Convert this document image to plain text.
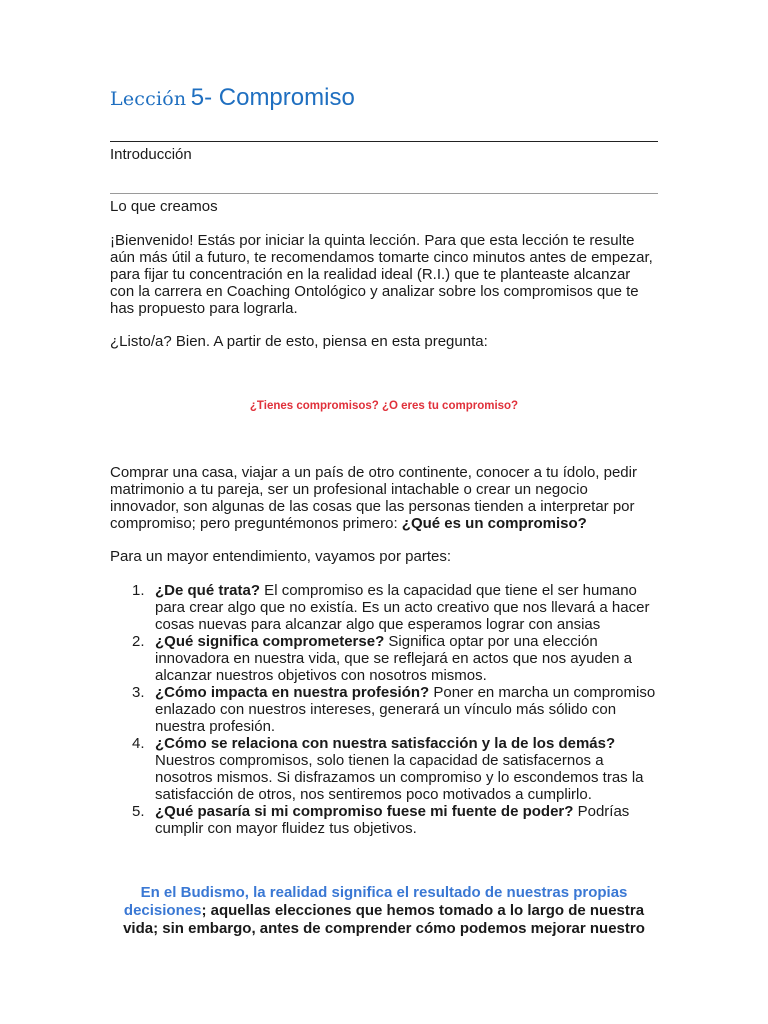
Lección 5- Compromiso
Introducción

Lo que creamos

¡Bienvenido! Estás por iniciar la quinta lección. Para que esta lección te resulte aún más útil a futuro, te recomendamos tomarte cinco minutos antes de empezar, para fijar tu concentración en la realidad ideal (R.I.) que te planteaste alcanzar con la carrera en Coaching Ontológico y analizar sobre los compromisos que te has propuesto para lograrla.

¿Listo/a? Bien. A partir de esto, piensa en esta pregunta:

¿Tienes compromisos? ¿O eres tu compromiso?

Comprar una casa, viajar a un país de otro continente, conocer a tu ídolo, pedir matrimonio a tu pareja, ser un profesional intachable o crear un negocio innovador, son algunas de las cosas que las personas tienden a interpretar por compromiso; pero preguntémonos primero: ¿Qué es un compromiso?

Para un mayor entendimiento, vayamos por partes:

1. ¿De qué trata? El compromiso es la capacidad que tiene el ser humano para crear algo que no existía. Es un acto creativo que nos llevará a hacer cosas nuevas para alcanzar algo que esperamos lograr con ansias
2. ¿Qué significa comprometerse? Significa optar por una elección innovadora en nuestra vida, que se reflejará en actos que nos ayuden a alcanzar nuestros objetivos con nosotros mismos.
3. ¿Cómo impacta en nuestra profesión? Poner en marcha un compromiso enlazado con nuestros intereses, generará un vínculo más sólido con nuestra profesión.
4. ¿Cómo se relaciona con nuestra satisfacción y la de los demás? Nuestros compromisos, solo tienen la capacidad de satisfacernos a nosotros mismos. Si disfrazamos un compromiso y lo escondemos tras la satisfacción de otros, nos sentiremos poco motivados a cumplirlo.
5. ¿Qué pasaría si mi compromiso fuese mi fuente de poder? Podrías cumplir con mayor fluidez tus objetivos.

En el Budismo, la realidad significa el resultado de nuestras propias decisiones; aquellas elecciones que hemos tomado a lo largo de nuestra vida; sin embargo, antes de comprender cómo podemos mejorar nuestro
